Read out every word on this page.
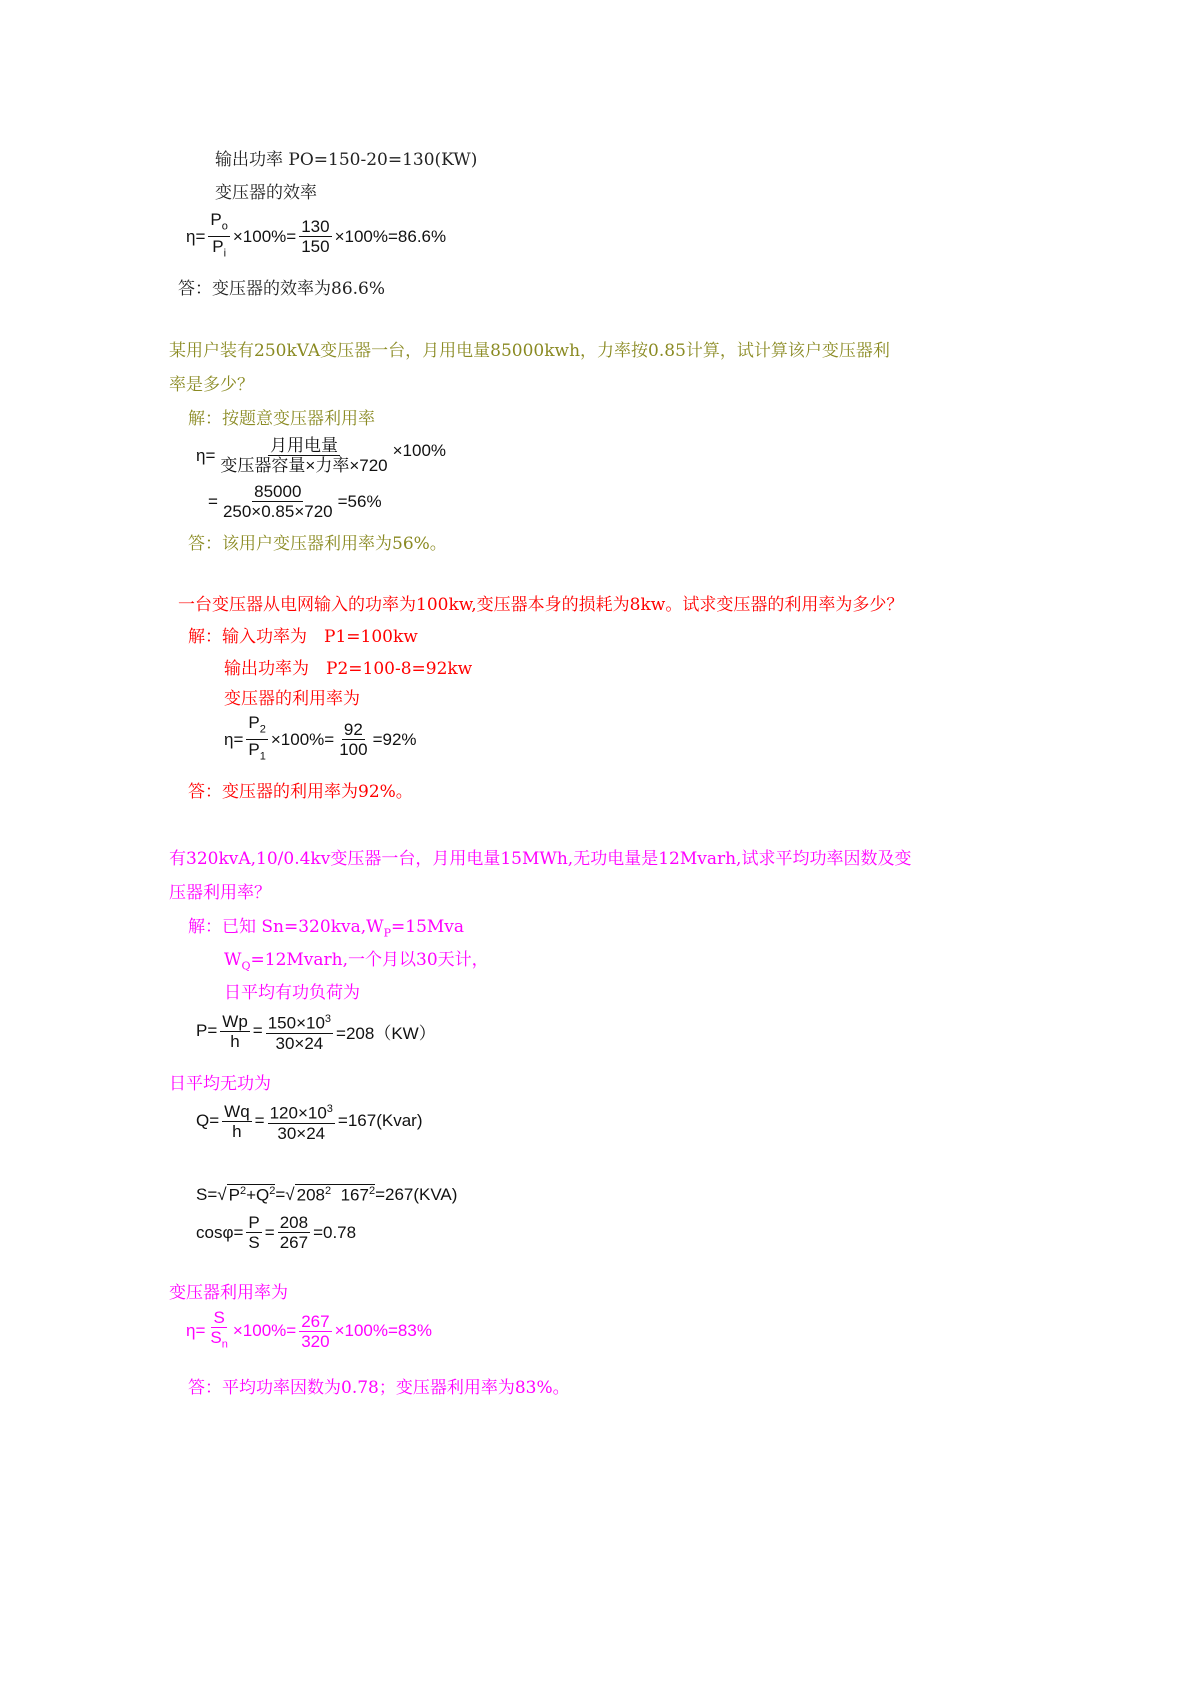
输出功率 PO=150-20=130(KW)
变压器的效率
$\eta= \frac{P_o}{P_i} \times 100\%= \frac{130}{150} \times 100\%=86.6\%$
答：变压器的效率为86.6%
某用户装有250kVA变压器一台，月用电量85000kwh，力率按0.85计算，试计算该户变压器利
率是多少？
解：按题意变压器利用率
η=	月用电量
变压器容量×力率×720
×100%
= $\frac{85000}{250\times 0.85\times 720} =56\%$
答：该用户变压器利用率为56%。
一台变压器从电网输入的功率为100kw,变压器本身的损耗为8kw。试求变压器的利用率为多少？
解：输入功率为　P1=100kw
输出功率为　P2=100-8=92kw
变压器的利用率为
$\eta= \frac{P_2}{P_1} \times 100\%= \frac{92}{100} =92\%$
答：变压器的利用率为92%。
有320kvA,10/0.4kv变压器一台，月用电量15MWh,无功电量是12Mvarh,试求平均功率因数及变
压器利用率？
解：已知 $Sn=320kva,W_P=15Mva$
$W_Q=12Mvarh$,一个月以30天计，
日平均有功负荷为
$P= \frac{Wp}{h} = \frac{150\times 10^3}{30\times 24} =208(KW)$
日平均无功为
$Q= \frac{Wq}{h} = \frac{120\times 10^3}{30\times 24}$ =167(Kvar)
S=√ $P^2+Q^2$ =√ $208^2$  $167^2 =267(KVA)$
$\cos\varphi= \frac{P}{S} = \frac{208}{267} =0.78$
变压器利用率为
$\eta= \frac{S}{S_n} \times 100\%= \frac{267}{320} \times 100\%=83\%$
答：平均功率因数为0.78；变压器利用率为83%。
